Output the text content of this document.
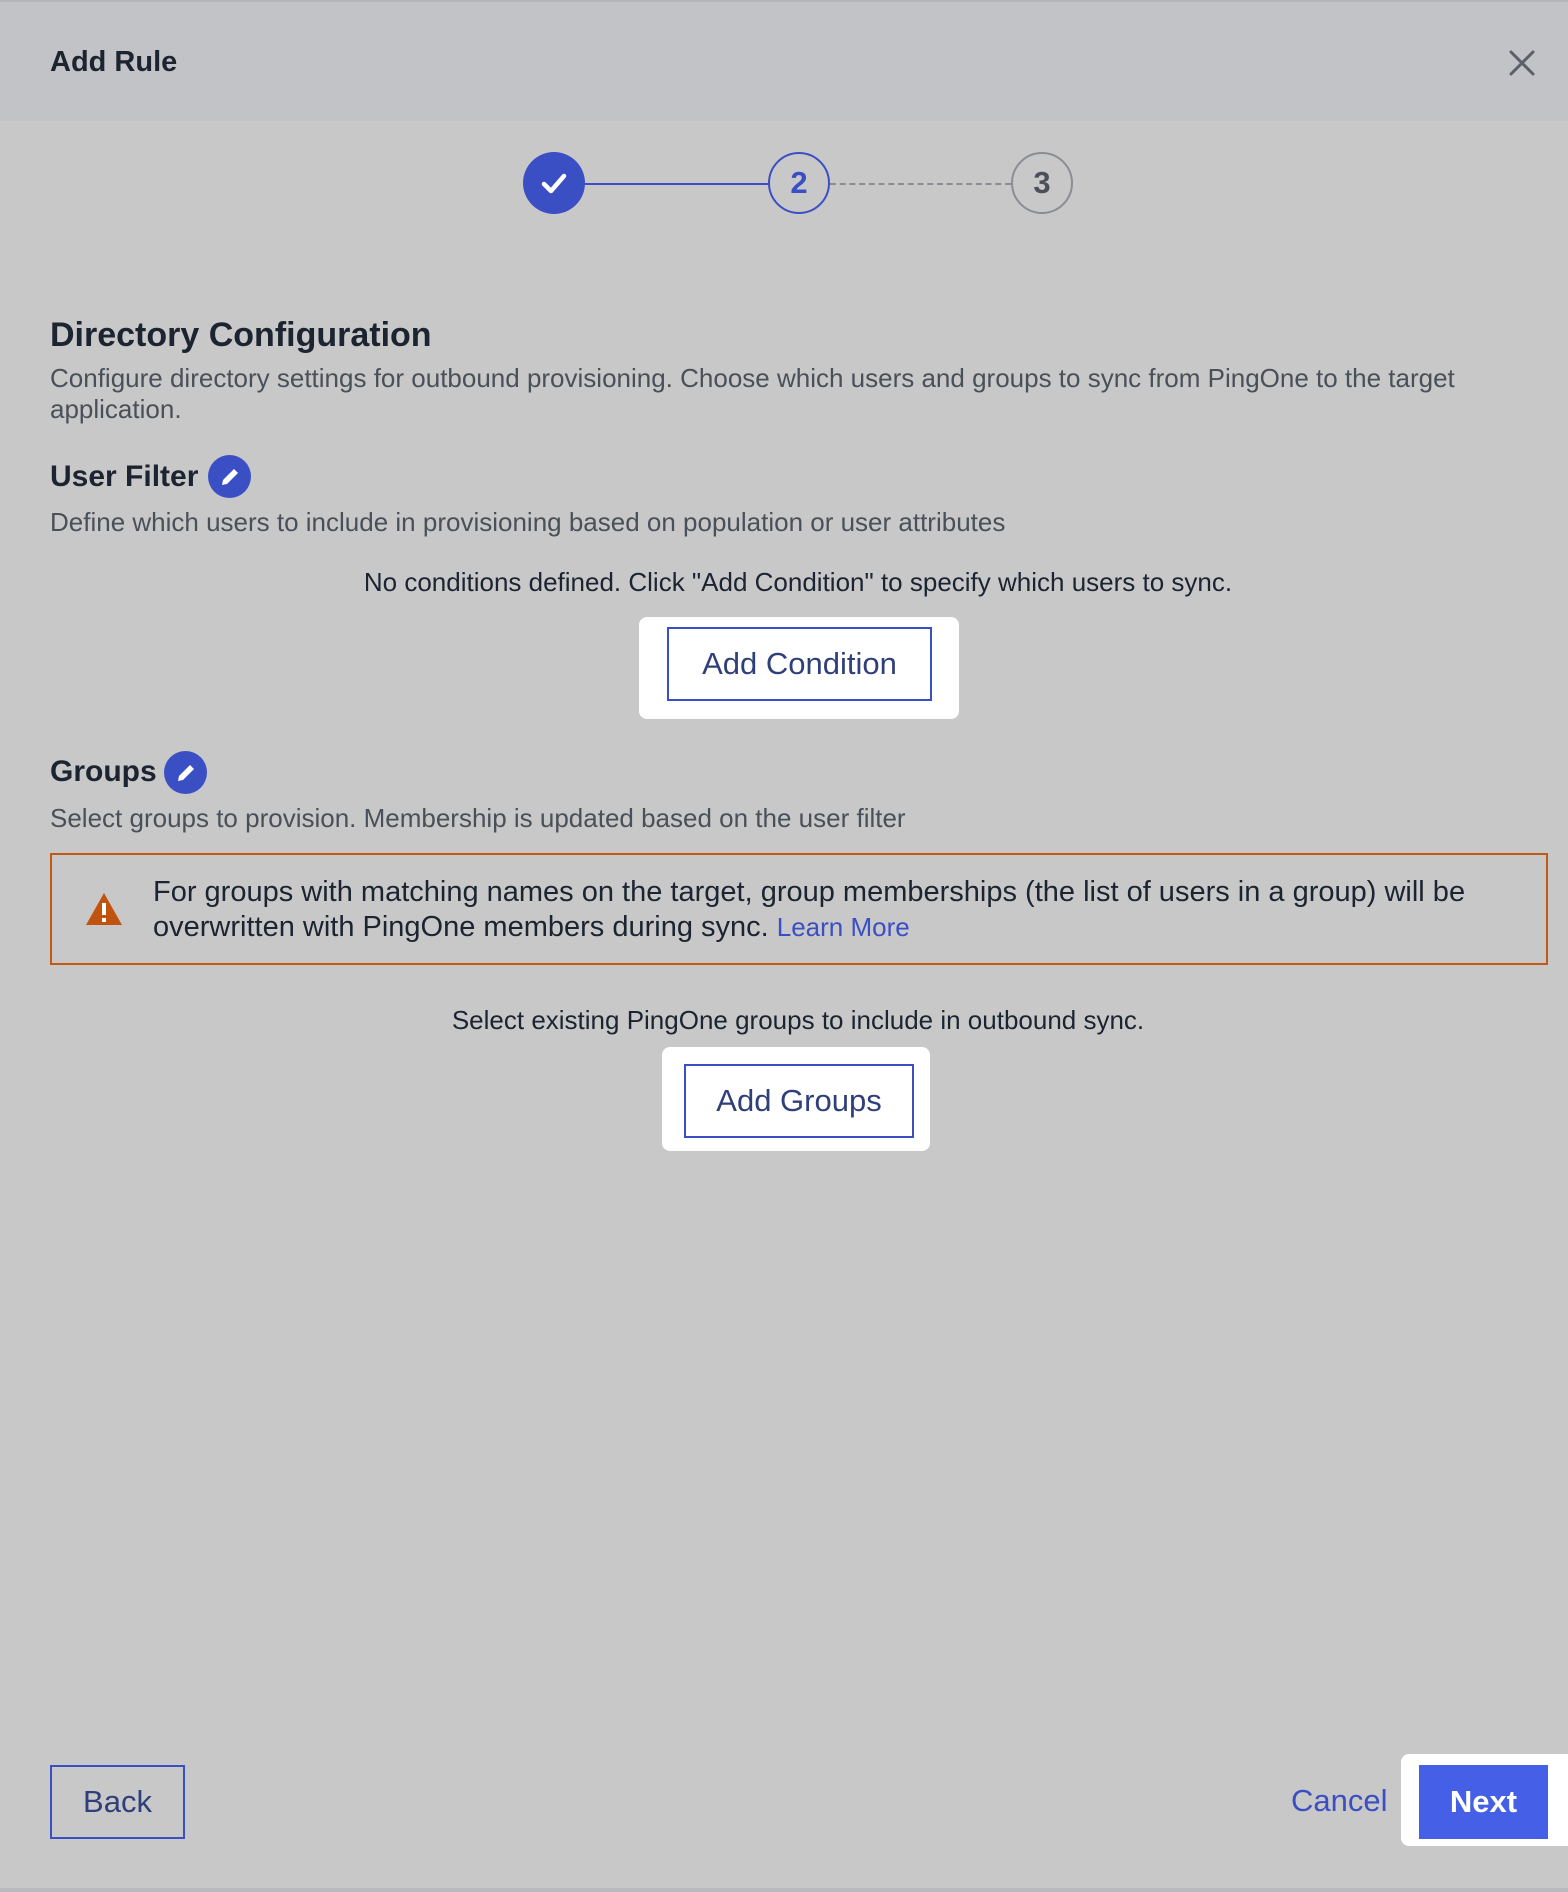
Add Rule
2	3
Directory Configuration
Configure directory settings for outbound provisioning. Choose which users and groups to sync from PingOne to the target application.
User Filter
Define which users to include in provisioning based on population or user attributes
No conditions defined. Click "Add Condition" to specify which users to sync.
Add Condition
Groups
Select groups to provision. Membership is updated based on the user filter
For groups with matching names on the target, group memberships (the list of users in a group) will be overwritten with PingOne members during sync. Learn More
Select existing PingOne groups to include in outbound sync.
Add Groups
Back	Cancel	Next
